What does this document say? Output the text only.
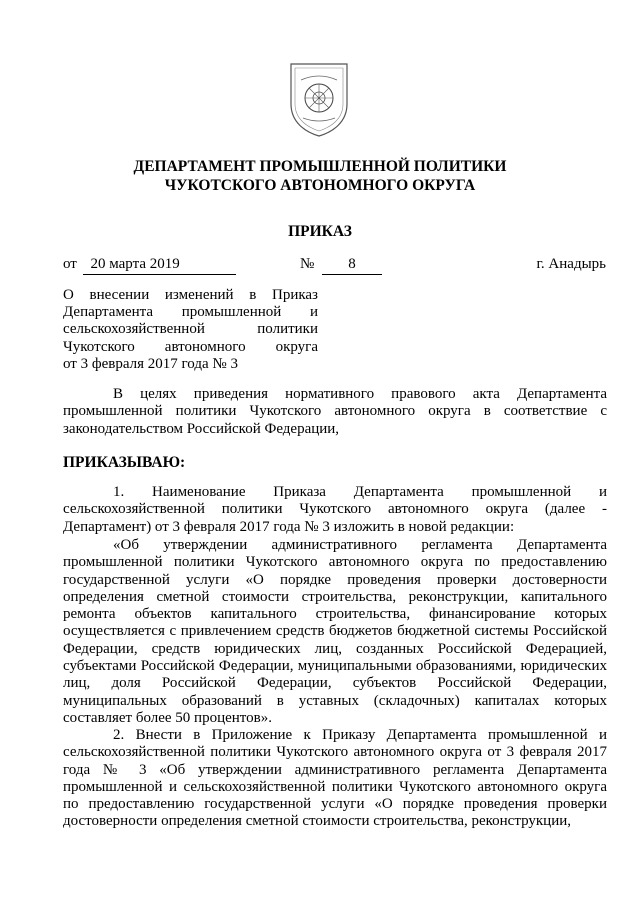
ДЕПАРТАМЕНТ ПРОМЫШЛЕННОЙ ПОЛИТИКИ
ЧУКОТСКОГО АВТОНОМНОГО ОКРУГА
ПРИКАЗ
от 20 марта 2019	№	8	г. Анадырь
О внесении изменений в Приказ Департамента промышленной и сельскохозяйственной политики Чукотского автономного округа
от 3 февраля 2017 года № 3
В целях приведения нормативного правового акта Департамента промышленной политики Чукотского автономного округа в соответствие с законодательством Российской Федерации,
ПРИКАЗЫВАЮ:
1. Наименование Приказа Департамента промышленной и сельскохозяйственной политики Чукотского автономного округа (далее - Департамент) от 3 февраля 2017 года № 3 изложить в новой редакции:
«Об утверждении административного регламента Департамента промышленной политики Чукотского автономного округа по предоставлению государственной услуги «О порядке проведения проверки достоверности определения сметной стоимости строительства, реконструкции, капитального ремонта объектов капитального строительства, финансирование которых осуществляется с привлечением средств бюджетов бюджетной системы Российской Федерации, средств юридических лиц, созданных Российской Федерацией, субъектами Российской Федерации, муниципальными образованиями, юридических лиц, доля Российской Федерации, субъектов Российской Федерации, муниципальных образований в уставных (складочных) капиталах которых составляет более 50 процентов».
2. Внести в Приложение к Приказу Департамента промышленной и сельскохозяйственной политики Чукотского автономного округа от 3 февраля 2017 года № 3 «Об утверждении административного регламента Департамента промышленной и сельскохозяйственной политики Чукотского автономного округа по предоставлению государственной услуги «О порядке проведения проверки достоверности определения сметной стоимости строительства, реконструкции,
